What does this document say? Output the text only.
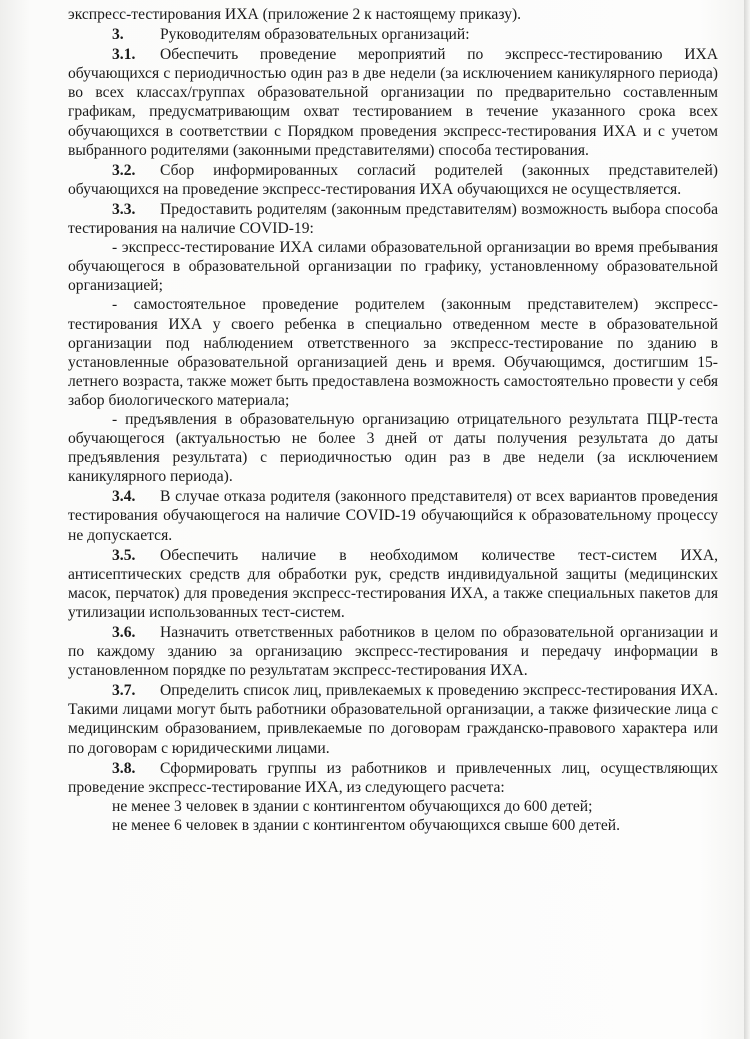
экспресс-тестирования ИХА (приложение 2 к настоящему приказу).

3. Руководителям образовательных организаций:

3.1. Обеспечить проведение мероприятий по экспресс-тестированию ИХА обучающихся с периодичностью один раз в две недели (за исключением каникулярного периода) во всех классах/группах образовательной организации по предварительно составленным графикам, предусматривающим охват тестированием в течение указанного срока всех обучающихся в соответствии с Порядком проведения экспресс-тестирования ИХА и с учетом выбранного родителями (законными представителями) способа тестирования.

3.2. Сбор информированных согласий родителей (законных представителей) обучающихся на проведение экспресс-тестирования ИХА обучающихся не осуществляется.

3.3. Предоставить родителям (законным представителям) возможность выбора способа тестирования на наличие COVID-19:

- экспресс-тестирование ИХА силами образовательной организации во время пребывания обучающегося в образовательной организации по графику, установленному образовательной организацией;

- самостоятельное проведение родителем (законным представителем) экспресс-тестирования ИХА у своего ребенка в специально отведенном месте в образовательной организации под наблюдением ответственного за экспресс-тестирование по зданию в установленные образовательной организацией день и время. Обучающимся, достигшим 15-летнего возраста, также может быть предоставлена возможность самостоятельно провести у себя забор биологического материала;

- предъявления в образовательную организацию отрицательного результата ПЦР-теста обучающегося (актуальностью не более 3 дней от даты получения результата до даты предъявления результата) с периодичностью один раз в две недели (за исключением каникулярного периода).

3.4. В случае отказа родителя (законного представителя) от всех вариантов проведения тестирования обучающегося на наличие COVID-19 обучающийся к образовательному процессу не допускается.

3.5. Обеспечить наличие в необходимом количестве тест-систем ИХА, антисептических средств для обработки рук, средств индивидуальной защиты (медицинских масок, перчаток) для проведения экспресс-тестирования ИХА, а также специальных пакетов для утилизации использованных тест-систем.

3.6. Назначить ответственных работников в целом по образовательной организации и по каждому зданию за организацию экспресс-тестирования и передачу информации в установленном порядке по результатам экспресс-тестирования ИХА.

3.7. Определить список лиц, привлекаемых к проведению экспресс-тестирования ИХА. Такими лицами могут быть работники образовательной организации, а также физические лица с медицинским образованием, привлекаемые по договорам гражданско-правового характера или по договорам с юридическими лицами.

3.8. Сформировать группы из работников и привлеченных лиц, осуществляющих проведение экспресс-тестирование ИХА, из следующего расчета:

не менее 3 человек в здании с контингентом обучающихся до 600 детей;

не менее 6 человек в здании с контингентом обучающихся свыше 600 детей.
